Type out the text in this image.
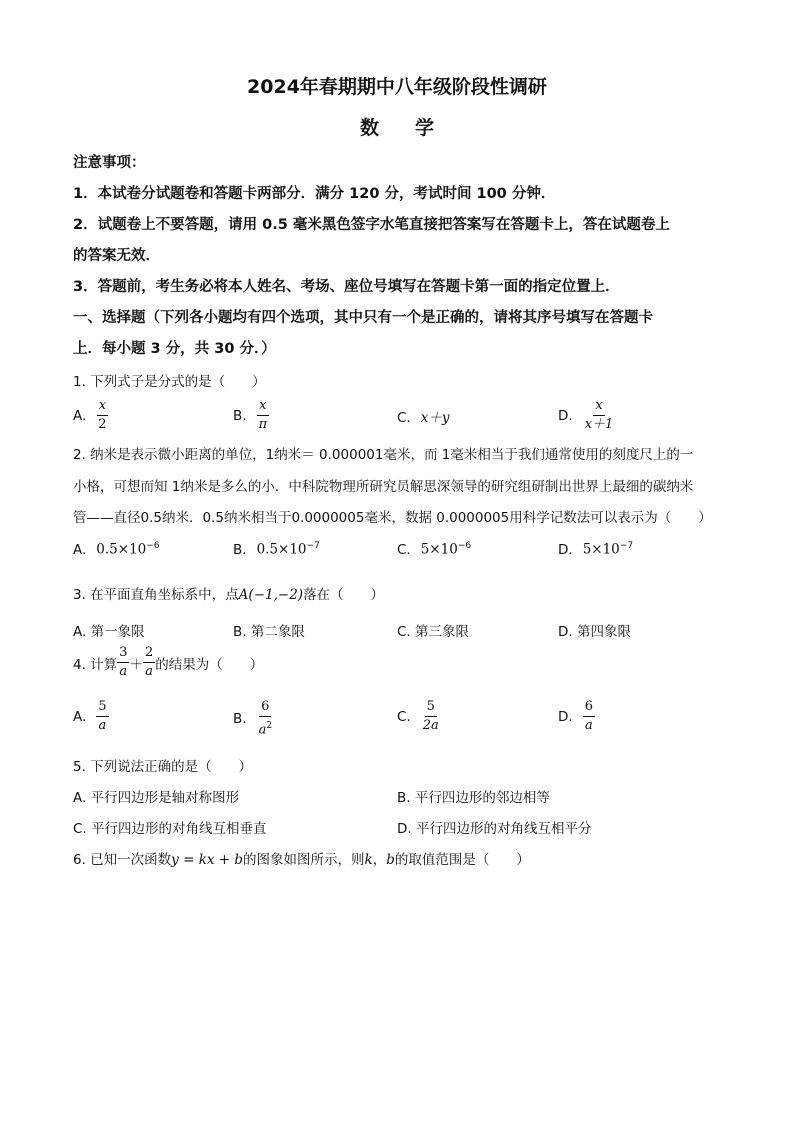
2024年春期期中八年级阶段性调研
数学
注意事项：
1．本试卷分试题卷和答题卡两部分．满分 120 分，考试时间 100 分钟．
2．试题卷上不要答题，请用 0.5 毫米黑色签字水笔直接把答案写在答题卡上，答在试题卷上
的答案无效．
3．答题前，考生务必将本人姓名、考场、座位号填写在答题卡第一面的指定位置上．
一、选择题（下列各小题均有四个选项，其中只有一个是正确的，请将其序号填写在答题卡
上．每小题 3 分，共 30 分．）
1. 下列式子是分式的是（　　）
A. $\frac{x}{2}$	B. $\frac{x}{\pi}$	C. x＋y	D. $\frac{x}{x+1}$
2. 纳米是表示微小距离的单位，1纳米＝ 0.000001毫米，而 1毫米相当于我们通常使用的刻度尺上的一
小格，可想而知 1纳米是多么的小．中科院物理所研究员解思深领导的研究组研制出世界上最细的碳纳米
管——直径0.5纳米．0.5纳米相当于0.0000005毫米，数据 0.0000005用科学记数法可以表示为（　　）
A. $0.5\times 10^{-6}$	B. $0.5\times 10^{-7}$	C. $5\times 10^{-6}$	D. $5\times 10^{-7}$
3. 在平面直角坐标系中，点A(−1,−2)落在（　　）
A. 第一象限	B. 第二象限	C. 第三象限	D. 第四象限
4. 计算 $\frac{3}{a} + \frac{2}{a}$ 的结果为（　　）
A. $\frac{5}{a}$	B. $\frac{6}{a^2}$	C. $\frac{5}{2a}$	D. $\frac{6}{a}$
5. 下列说法正确的是（　　）
A. 平行四边形是轴对称图形	B. 平行四边形的邻边相等
C. 平行四边形的对角线互相垂直	D. 平行四边形的对角线互相平分
6. 已知一次函数y = kx + b的图象如图所示，则k，b的取值范围是（　　）
